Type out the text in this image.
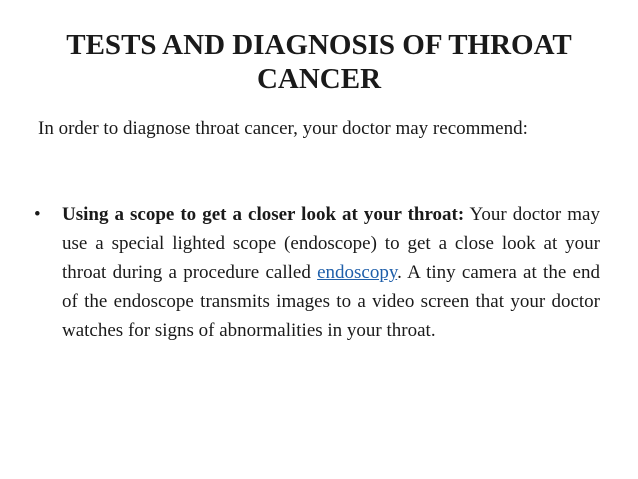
TESTS AND DIAGNOSIS OF THROAT CANCER

In order to diagnose throat cancer, your doctor may recommend:

• Using a scope to get a closer look at your throat: Your doctor may use a special lighted scope (endoscope) to get a close look at your throat during a procedure called endoscopy. A tiny camera at the end of the endoscope transmits images to a video screen that your doctor watches for signs of abnormalities in your throat.
